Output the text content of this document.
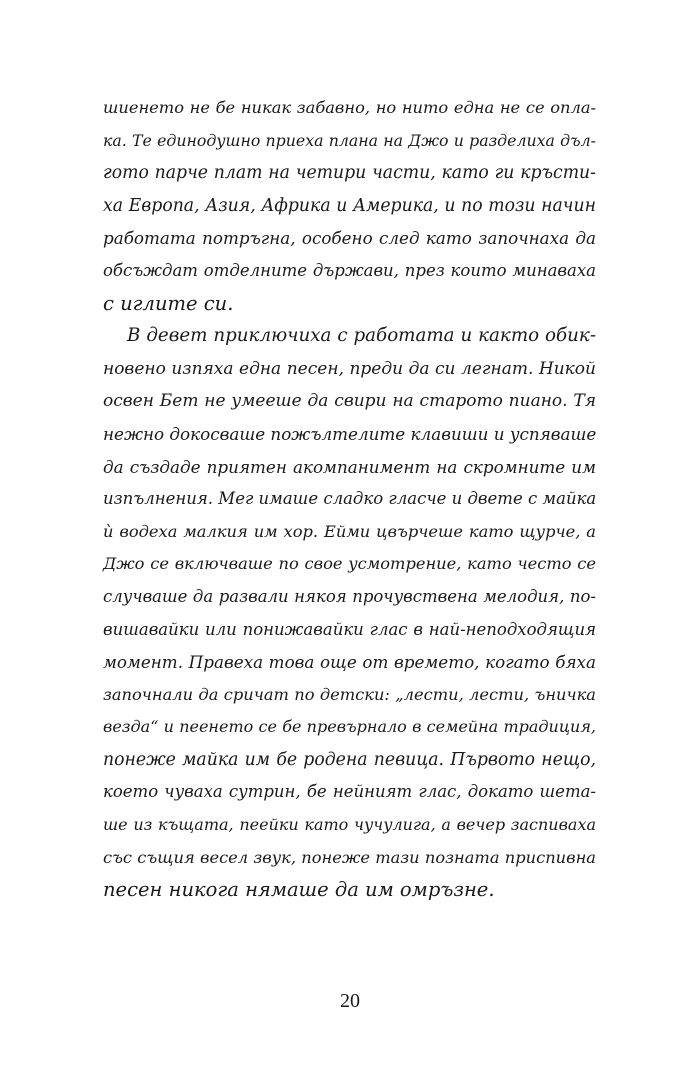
шиенето не бе никак забавно, но нито една не се опла-
ка. Те единодушно приеха плана на Джо и разделиха дъл-
гото парче плат на четири части, като ги кръсти-
ха Европа, Азия, Африка и Америка, и по този начин
работата потръгна, особено след като започнаха да
обсъждат отделните държави, през които минаваха
с иглите си.
В девет приключиха с работата и както обик-
новено изпяха една песен, преди да си легнат. Никой
освен Бет не умееше да свири на старото пиано. Тя
нежно докосваше пожълтелите клавиши и успяваше
да създаде приятен акомпанимент на скромните им
изпълнения. Мег имаше сладко гласче и двете с майка
ѝ водеха малкия им хор. Ейми цвърчеше като щурче, а
Джо се включваше по свое усмотрение, като често се
случваше да развали някоя прочувствена мелодия, по-
вишавайки или понижавайки глас в най-неподходящия
момент. Правеха това още от времето, когато бяха
започнали да сричат по детски: „лести, лести, ъничка
везда“ и пеенето се бе превърнало в семейна традиция,
понеже майка им бе родена певица. Първото нещо,
което чуваха сутрин, бе нейният глас, докато шета-
ше из къщата, пеейки като чучулига, а вечер заспиваха
със същия весел звук, понеже тази позната приспивна
песен никога нямаше да им омръзне.
20
